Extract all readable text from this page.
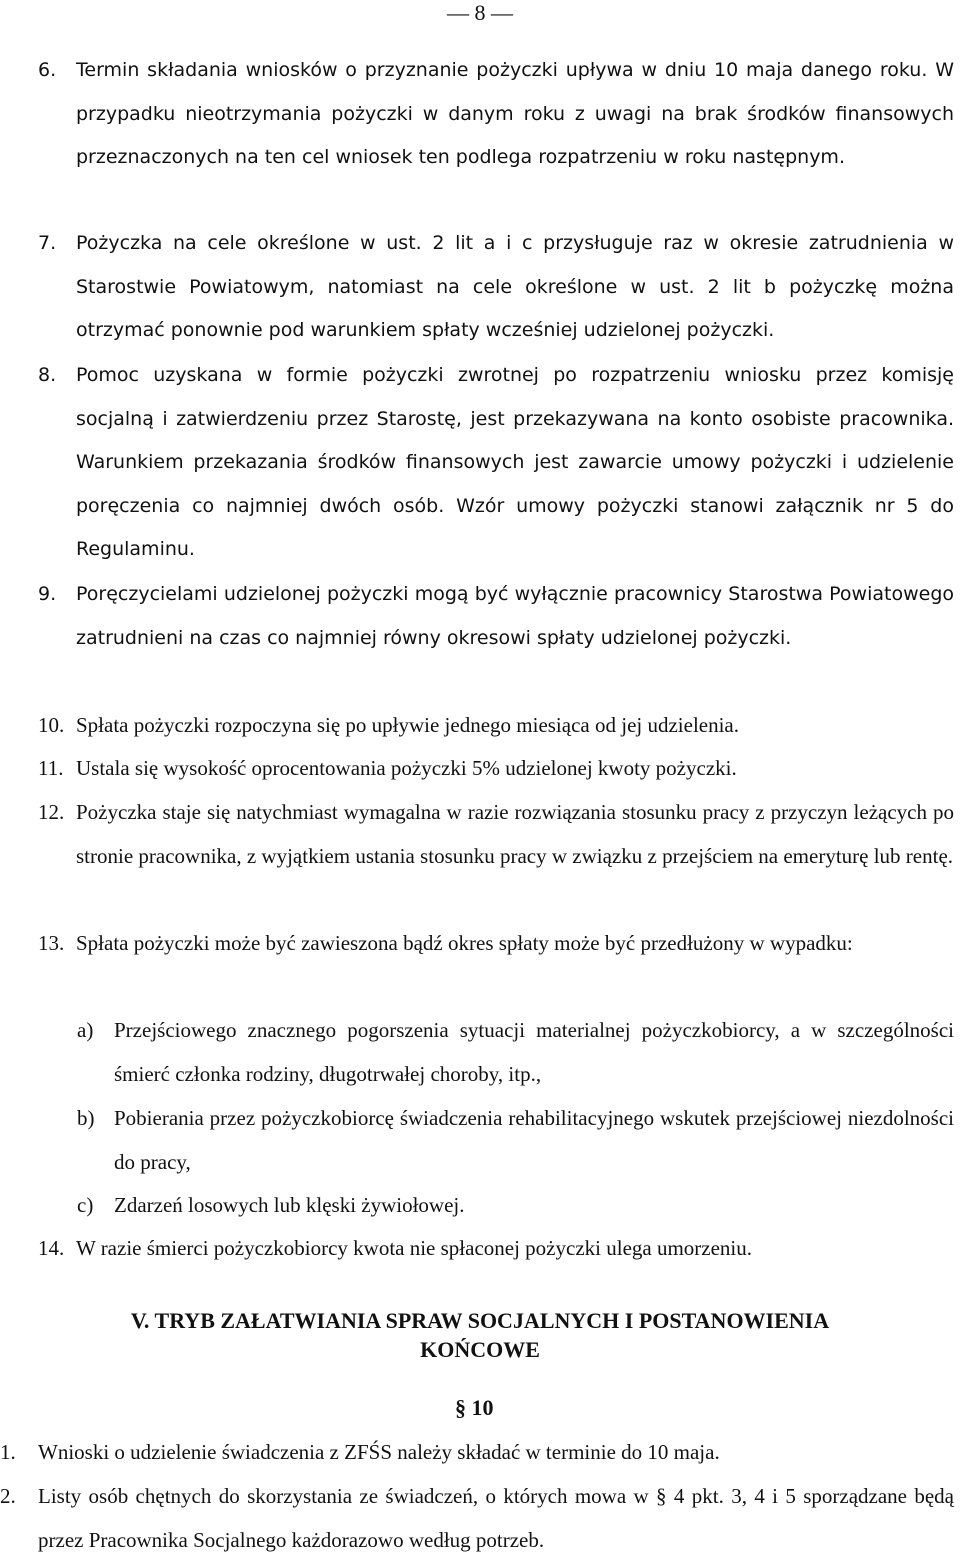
— 8 —
6.	Termin składania wniosków o przyznanie pożyczki upływa w dniu 10 maja danego roku. W przypadku nieotrzymania pożyczki w danym roku z uwagi na brak środków finansowych przeznaczonych na ten cel wniosek ten podlega rozpatrzeniu w roku następnym.
7.	Pożyczka na cele określone w ust. 2 lit a i c przysługuje raz w okresie zatrudnienia w Starostwie Powiatowym, natomiast na cele określone w ust. 2 lit b pożyczkę można otrzymać ponownie pod warunkiem spłaty wcześniej udzielonej pożyczki.
8.	Pomoc uzyskana w formie pożyczki zwrotnej po rozpatrzeniu wniosku przez komisję socjalną i zatwierdzeniu przez Starostę, jest przekazywana na konto osobiste pracownika. Warunkiem przekazania środków finansowych jest zawarcie umowy pożyczki i udzielenie poręczenia co najmniej dwóch osób. Wzór umowy pożyczki stanowi załącznik nr 5 do Regulaminu.
9.	Poręczycielami udzielonej pożyczki mogą być wyłącznie pracownicy Starostwa Powiatowego zatrudnieni na czas co najmniej równy okresowi spłaty udzielonej pożyczki.
10. Spłata pożyczki rozpoczyna się po upływie jednego miesiąca od jej udzielenia.
11. Ustala się wysokość oprocentowania pożyczki 5% udzielonej kwoty pożyczki.
12. Pożyczka staje się natychmiast wymagalna w razie rozwiązania stosunku pracy z przyczyn leżących po stronie pracownika, z wyjątkiem ustania stosunku pracy w związku z przejściem na emeryturę lub rentę.
13. Spłata pożyczki może być zawieszona bądź okres spłaty może być przedłużony w wypadku:
a) Przejściowego znacznego pogorszenia sytuacji materialnej pożyczkobiorcy, a w szczególności śmierć członka rodziny, długotrwałej choroby, itp.,
b) Pobierania przez pożyczkobiorcę świadczenia rehabilitacyjnego wskutek przejściowej niezdolności do pracy,
c) Zdarzeń losowych lub klęski żywiołowej.
14. W razie śmierci pożyczkobiorcy kwota nie spłaconej pożyczki ulega umorzeniu.
V. TRYB ZAŁATWIANIA SPRAW SOCJALNYCH I POSTANOWIENIA
KOŃCOWE
§ 10
1.	Wnioski o udzielenie świadczenia z ZFŚS należy składać w terminie do 10 maja.
2.	Listy osób chętnych do skorzystania ze świadczeń, o których mowa w § 4 pkt. 3, 4 i 5 sporządzane będą przez Pracownika Socjalnego każdorazowo według potrzeb.
